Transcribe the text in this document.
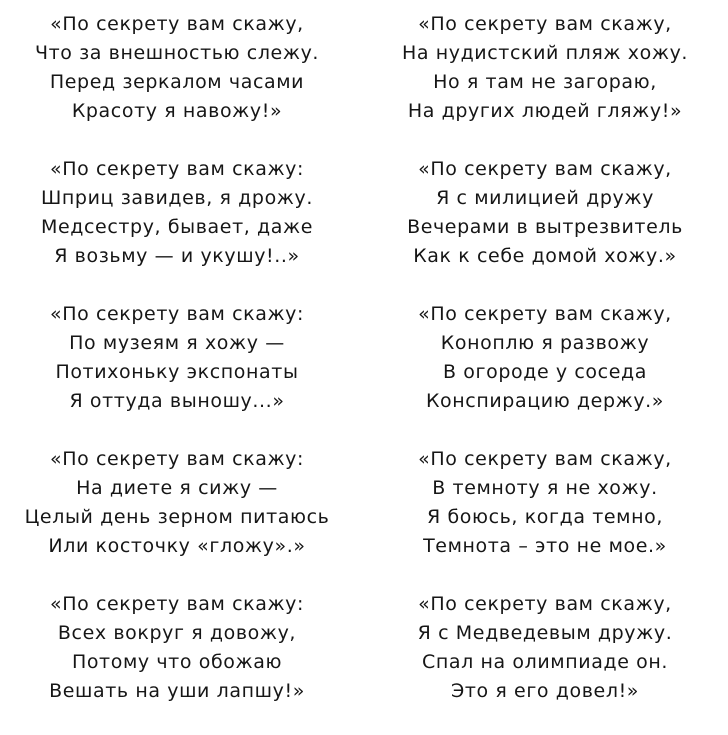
«По секрету вам скажу,
Что за внешностью слежу.
Перед зеркалом часами
Красоту я навожу!»
«По секрету вам скажу:
Шприц завидев, я дрожу.
Медсестру, бывает, даже
Я возьму — и укушу!..»
«По секрету вам скажу:
По музеям я хожу —
Потихоньку экспонаты
Я оттуда выношу...»
«По секрету вам скажу:
На диете я сижу —
Целый день зерном питаюсь
Или косточку «гложу».»
«По секрету вам скажу:
Всех вокруг я довожу,
Потому что обожаю
Вешать на уши лапшу!»
«По секрету вам скажу,
На нудистский пляж хожу.
Но я там не загораю,
На других людей гляжу!»
«По секрету вам скажу,
Я с милицией дружу
Вечерами в вытрезвитель
Как к себе домой хожу.»
«По секрету вам скажу,
Коноплю я развожу
В огороде у соседа
Конспирацию держу.»
«По секрету вам скажу,
В темноту я не хожу.
Я боюсь, когда темно,
Темнота – это не мое.»
«По секрету вам скажу,
Я с Медведевым дружу.
Спал на олимпиаде он.
Это я его довел!»
